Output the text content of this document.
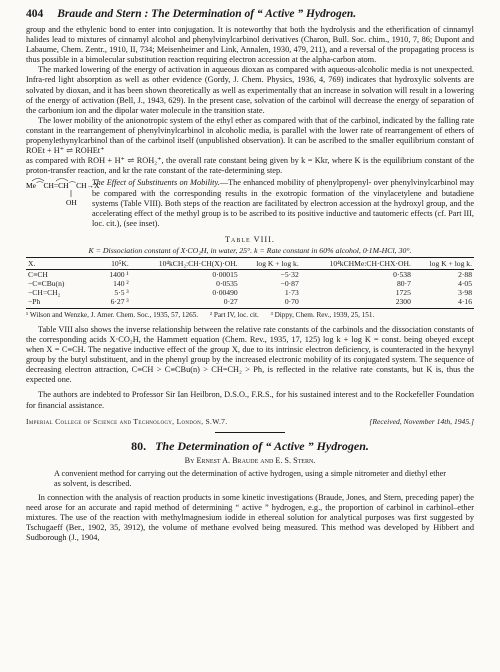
404 Braude and Stern : The Determination of “ Active ” Hydrogen.

group and the ethylenic bond to enter into conjugation. It is noteworthy that both the hydrolysis and the etherification of cinnamyl halides lead to mixtures of cinnamyl alcohol and phenylvinylcarbinol derivatives (Charon, Bull. Soc. chim., 1910, 7, 86; Dupont and Labaume, Chem. Zentr., 1910, II, 734; Meisenheimer and Link, Annalen, 1930, 479, 211), and a reversal of the propagating process is thus possible in a bimolecular substitution reaction requiring electron accession at the alpha-carbon atom.

The marked lowering of the energy of activation in aqueous dioxan as compared with aqueous-alcoholic media is not unexpected. Infra-red light absorption as well as other evidence (Gordy, J. Chem. Physics, 1936, 4, 769) indicates that hydroxylic solvents are solvated by dioxan, and it has been shown theoretically as well as experimentally that an increase in solvation will result in a lowering of the energy of activation (Bell, J., 1943, 629). In the present case, solvation of the carbinol will decrease the energy of separation of the carbonium ion and the dipolar water molecule in the transition state.

The lower mobility of the anionotropic system of the ethyl ether as compared with that of the carbinol, indicated by the falling rate constant in the rearrangement of phenylvinylcarbinol in alcoholic media, is parallel with the lower rate of rearrangement of ethers of propenylethynylcarbinol than of the carbinol itself (unpublished observation). It can be ascribed to the smaller equilibrium constant of ROEt + H⁺ ⇌ ROHEt⁺

as compared with ROH + H⁺ ⇌ ROH₂⁺, the overall rate constant being given by k = Kkr, where K is the equilibrium constant of the proton-transfer reaction, and kr the rate constant of the rate-determining step.

Me⌒CH=CH⌒CH→X
OH

The Effect of Substituents on Mobility.—The enhanced mobility of phenylpropenyl- over phenylvinylcarbinol may be compared with the corresponding results in the exotropic formation of the vinylacetylene and butadiene systems (Table VIII). Both steps of the reaction are facilitated by electron accession at the hydroxyl group, and the accelerating effect of the methyl group is to be ascribed to its positive inductive and tautomeric effects (cf. Part III, loc. cit.), (see inset).

Table VIII.
K = Dissociation constant of X·CO₂H, in water, 25°. k = Rate constant in 60% alcohol, 0·1M-HCl, 30°.
X.	10⁵K.	10⁴kCH₂:CH·CH(X)·OH.	log K + log k.	10⁴kCHMe:CH·CHX·OH.	log K + log k.
C≡CH	1400 ¹	0·00015	−5·32	0·538	2·88
−C≡CBu(n)	140 ²	0·0535	−0·87	80·7	4·05
−CH=CH₂	5·5 ³	0·00490	1·73	1725	3·98
−Ph	6·27 ³	0·27	0·70	2300	4·16
¹ Wilson and Wenzke, J. Amer. Chem. Soc., 1935, 57, 1265. ² Part IV, loc. cit. ³ Dippy, Chem. Rev., 1939, 25, 151.

Table VIII also shows the inverse relationship between the relative rate constants of the carbinols and the dissociation constants of the corresponding acids X·CO₂H, the Hammett equation (Chem. Rev., 1935, 17, 125) log k + log K = const. being obeyed except when X = C≡CH. The negative inductive effect of the group X, due to its intrinsic electron deficiency, is counteracted in the hexynyl group by the butyl substituent, and in the phenyl group by the increased electronic mobility of its conjugated system. The sequence of decreasing electron attraction, C≡CH > C≡CBu(n) > CH=CH₂ > Ph, is reflected in the relative rate constants, but K is, thus the expected one.

The authors are indebted to Professor Sir Ian Heilbron, D.S.O., F.R.S., for his sustained interest and to the Rockefeller Foundation for financial assistance.

Imperial College of Science and Technology, London, S.W.7.	[Received, November 14th, 1945.]
80. The Determination of “ Active ” Hydrogen.
By Ernest A. Braude and E. S. Stern.
A convenient method for carrying out the determination of active hydrogen, using a simple nitrometer and diethyl ether as solvent, is described.

In connection with the analysis of reaction products in some kinetic investigations (Braude, Jones, and Stern, preceding paper) the need arose for an accurate and rapid method of determining “ active ” hydrogen, e.g., the proportion of carbinol in carbinol–ether mixtures. The use of the reaction with methylmagnesium iodide in ethereal solution for analytical purposes was first suggested by Tschugaeff (Ber., 1902, 35, 3912), the volume of methane evolved being measured. This method was developed by Hibbert and Sudborough (J., 1904,
